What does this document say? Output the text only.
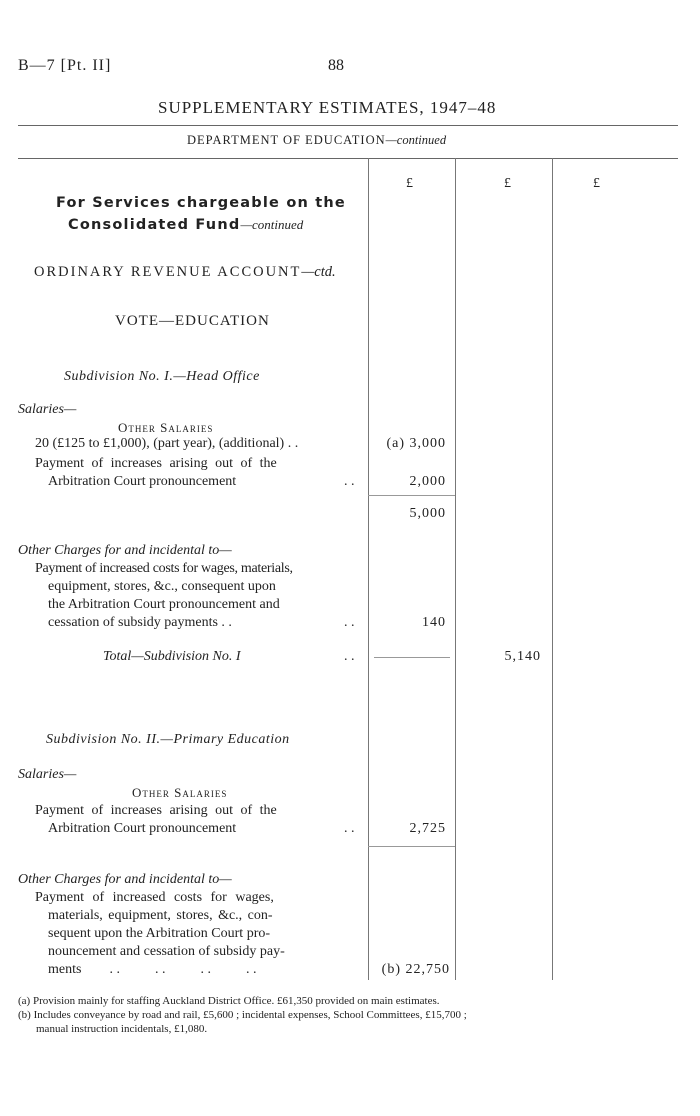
B—7 [Pt. II]	88
SUPPLEMENTARY ESTIMATES, 1947–48
DEPARTMENT OF EDUCATION—continued
£	£	£
For Services chargeable on the
Consolidated Fund—continued
ORDINARY REVENUE ACCOUNT—ctd.
VOTE—EDUCATION
Subdivision No. I.—Head Office
Salaries—
Other Salaries
20 (£125 to £1,000), (part year), (additional) . .	(a) 3,000
Payment of increases arising out of the
Arbitration Court pronouncement	. .	2,000
5,000
Other Charges for and incidental to—
Payment of increased costs for wages, materials,
equipment, stores, &c., consequent upon
the Arbitration Court pronouncement and
cessation of subsidy payments . .	. .	140
Total—Subdivision No. I	. .	5,140
Subdivision No. II.—Primary Education
Salaries—
Other Salaries
Payment of increases arising out of the
Arbitration Court pronouncement	. .	2,725
Other Charges for and incidental to—
Payment of increased costs for wages,
materials, equipment, stores, &c., con-
sequent upon the Arbitration Court pro-
nouncement and cessation of subsidy pay-
ments        . .          . .          . .          . .	(b) 22,750
(a) Provision mainly for staffing Auckland District Office. £61,350 provided on main estimates.
(b) Includes conveyance by road and rail, £5,600 ; incidental expenses, School Committees, £15,700 ;
manual instruction incidentals, £1,080.
